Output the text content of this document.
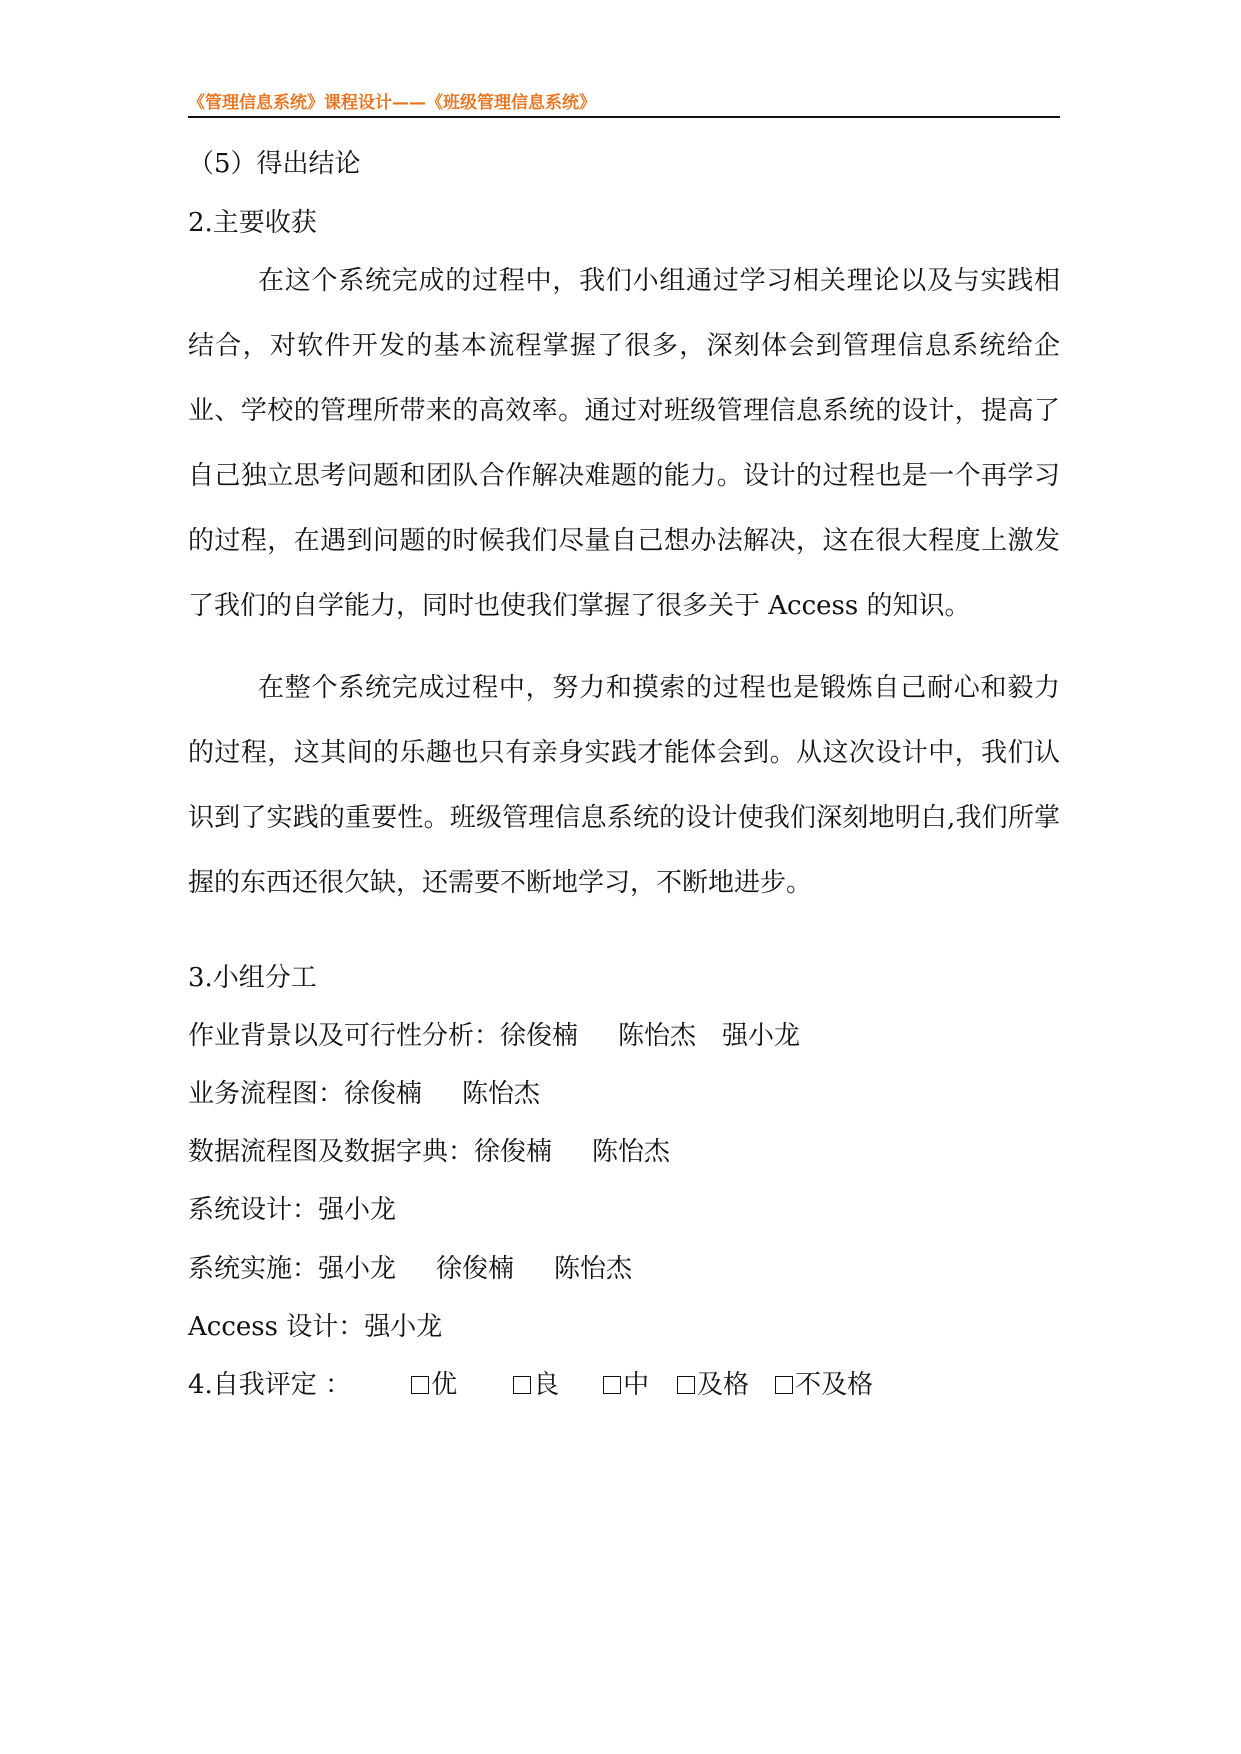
《管理信息系统》课程设计——《班级管理信息系统》
（5）得出结论
2.主要收获
在这个系统完成的过程中，我们小组通过学习相关理论以及与实践相结合，对软件开发的基本流程掌握了很多，深刻体会到管理信息系统给企业、学校的管理所带来的高效率。通过对班级管理信息系统的设计，提高了自己独立思考问题和团队合作解决难题的能力。设计的过程也是一个再学习的过程，在遇到问题的时候我们尽量自己想办法解决，这在很大程度上激发了我们的自学能力，同时也使我们掌握了很多关于 Access 的知识。
在整个系统完成过程中，努力和摸索的过程也是锻炼自己耐心和毅力的过程，这其间的乐趣也只有亲身实践才能体会到。从这次设计中，我们认识到了实践的重要性。班级管理信息系统的设计使我们深刻地明白,我们所掌握的东西还很欠缺，还需要不断地学习，不断地进步。
3.小组分工
作业背景以及可行性分析：徐俊楠 陈怡杰 强小龙
业务流程图：徐俊楠 陈怡杰
数据流程图及数据字典：徐俊楠 陈怡杰
系统设计：强小龙
系统实施：强小龙 徐俊楠 陈怡杰
Access 设计：强小龙
4.自我评定 ：	优	良 中 及格 不及格
